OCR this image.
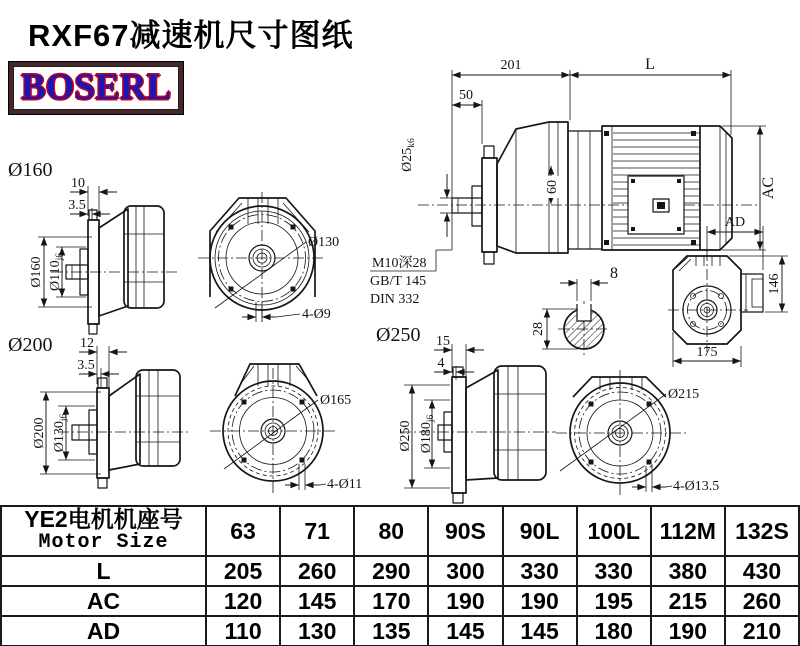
201	L
50
$Ø25_{k6}$
60	AC
M10深28
GB/T 145
DIN 332
Ø160
10
3.5
Ø160 $Ø110_{j6}$
Ø130
4-Ø9
Ø200 12
3.5
Ø200 $Ø130_{j6}$
Ø165
4-Ø11
Ø250 15
4
Ø250 $Ø180_{j6}$
8
28
AD
146
175
Ø215
4-Ø13.5
RXF67减速机尺寸图纸
BOSERL
YE2电机机座号
Motor Size	63	71	80	90S	90L	100L	112M	132S
L	205	260	290	300	330	330	380	430
AC	120	145	170	190	190	195	215	260
AD	110	130	135	145	145	180	190	210
